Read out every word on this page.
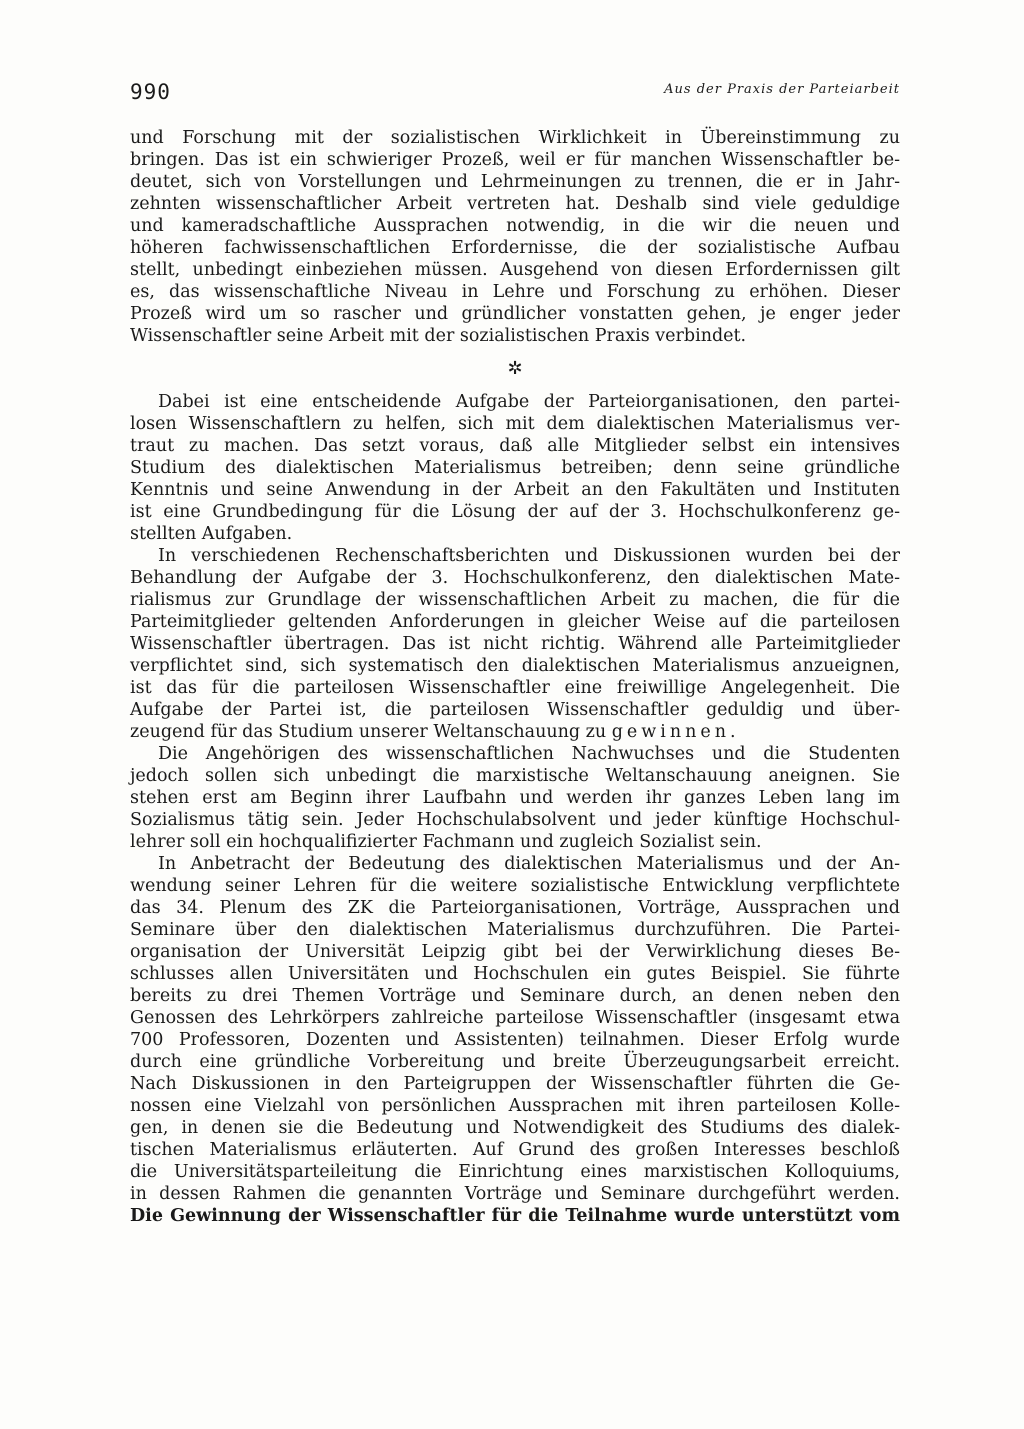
990	Aus der Praxis der Parteiarbeit
und Forschung mit der sozialistischen Wirklichkeit in Übereinstimmung zu
bringen. Das ist ein schwieriger Prozeß, weil er für manchen Wissenschaftler be-
deutet, sich von Vorstellungen und Lehrmeinungen zu trennen, die er in Jahr-
zehnten wissenschaftlicher Arbeit vertreten hat. Deshalb sind viele geduldige
und kameradschaftliche Aussprachen notwendig, in die wir die neuen und
höheren fachwissenschaftlichen Erfordernisse, die der sozialistische Aufbau
stellt, unbedingt einbeziehen müssen. Ausgehend von diesen Erfordernissen gilt
es, das wissenschaftliche Niveau in Lehre und Forschung zu erhöhen. Dieser
Prozeß wird um so rascher und gründlicher vonstatten gehen, je enger jeder
Wissenschaftler seine Arbeit mit der sozialistischen Praxis verbindet.
✲
Dabei ist eine entscheidende Aufgabe der Parteiorganisationen, den partei-
losen Wissenschaftlern zu helfen, sich mit dem dialektischen Materialismus ver-
traut zu machen. Das setzt voraus, daß alle Mitglieder selbst ein intensives
Studium des dialektischen Materialismus betreiben; denn seine gründliche
Kenntnis und seine Anwendung in der Arbeit an den Fakultäten und Instituten
ist eine Grundbedingung für die Lösung der auf der 3. Hochschulkonferenz ge-
stellten Aufgaben.
In verschiedenen Rechenschaftsberichten und Diskussionen wurden bei der
Behandlung der Aufgabe der 3. Hochschulkonferenz, den dialektischen Mate-
rialismus zur Grundlage der wissenschaftlichen Arbeit zu machen, die für die
Parteimitglieder geltenden Anforderungen in gleicher Weise auf die parteilosen
Wissenschaftler übertragen. Das ist nicht richtig. Während alle Parteimitglieder
verpflichtet sind, sich systematisch den dialektischen Materialismus anzueignen,
ist das für die parteilosen Wissenschaftler eine freiwillige Angelegenheit. Die
Aufgabe der Partei ist, die parteilosen Wissenschaftler geduldig und über-
zeugend für das Studium unserer Weltanschauung zu gewinnen.
Die Angehörigen des wissenschaftlichen Nachwuchses und die Studenten
jedoch sollen sich unbedingt die marxistische Weltanschauung aneignen. Sie
stehen erst am Beginn ihrer Laufbahn und werden ihr ganzes Leben lang im
Sozialismus tätig sein. Jeder Hochschulabsolvent und jeder künftige Hochschul-
lehrer soll ein hochqualifizierter Fachmann und zugleich Sozialist sein.
In Anbetracht der Bedeutung des dialektischen Materialismus und der An-
wendung seiner Lehren für die weitere sozialistische Entwicklung verpflichtete
das 34. Plenum des ZK die Parteiorganisationen, Vorträge, Aussprachen und
Seminare über den dialektischen Materialismus durchzuführen. Die Partei-
organisation der Universität Leipzig gibt bei der Verwirklichung dieses Be-
schlusses allen Universitäten und Hochschulen ein gutes Beispiel. Sie führte
bereits zu drei Themen Vorträge und Seminare durch, an denen neben den
Genossen des Lehrkörpers zahlreiche parteilose Wissenschaftler (insgesamt etwa
700 Professoren, Dozenten und Assistenten) teilnahmen. Dieser Erfolg wurde
durch eine gründliche Vorbereitung und breite Überzeugungsarbeit erreicht.
Nach Diskussionen in den Parteigruppen der Wissenschaftler führten die Ge-
nossen eine Vielzahl von persönlichen Aussprachen mit ihren parteilosen Kolle-
gen, in denen sie die Bedeutung und Notwendigkeit des Studiums des dialek-
tischen Materialismus erläuterten. Auf Grund des großen Interesses beschloß
die Universitätsparteileitung die Einrichtung eines marxistischen Kolloquiums,
in dessen Rahmen die genannten Vorträge und Seminare durchgeführt werden.
Die Gewinnung der Wissenschaftler für die Teilnahme wurde unterstützt vom
